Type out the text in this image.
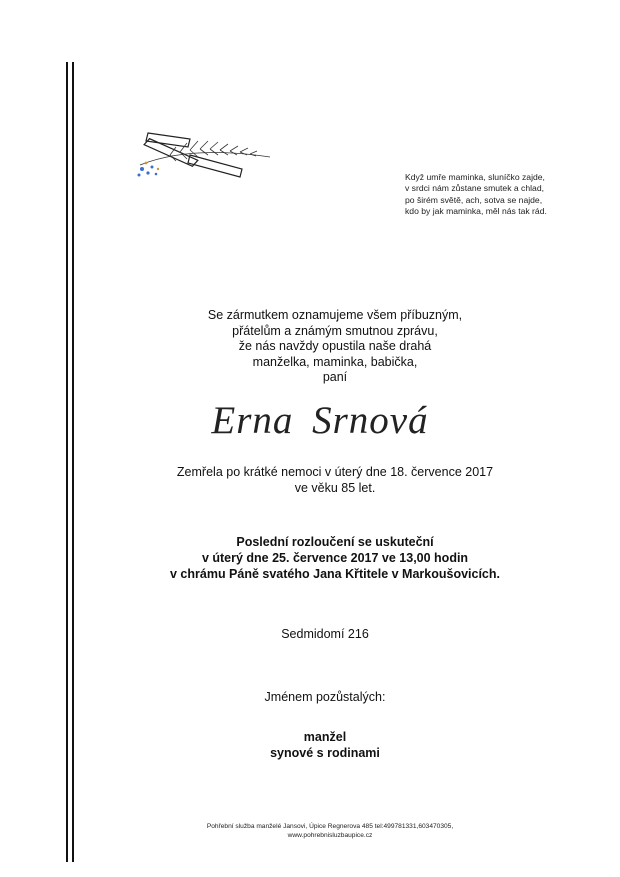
Když umře maminka, sluníčko zajde,
v srdci nám zůstane smutek a chlad,
po širém světě, ach, sotva se najde,
kdo by jak maminka, měl nás tak rád.
Se zármutkem oznamujeme všem příbuzným,
přátelům a známým smutnou zprávu,
že nás navždy opustila naše drahá
manželka, maminka, babička,
paní
Erna Srnová
Zemřela po krátké nemoci v úterý dne 18. července 2017
ve věku 85 let.
Poslední rozloučení se uskuteční
v úterý dne 25. července 2017 ve 13,00 hodin
v chrámu Páně svatého Jana Křtitele v Markoušovicích.
Sedmidomí 216
Jménem pozůstalých:
manžel
synové s rodinami
Pohřební služba manželé Jansovi, Úpice Regnerova 485 tel:499781331,603470305,
www.pohrebnisluzbaupice.cz
